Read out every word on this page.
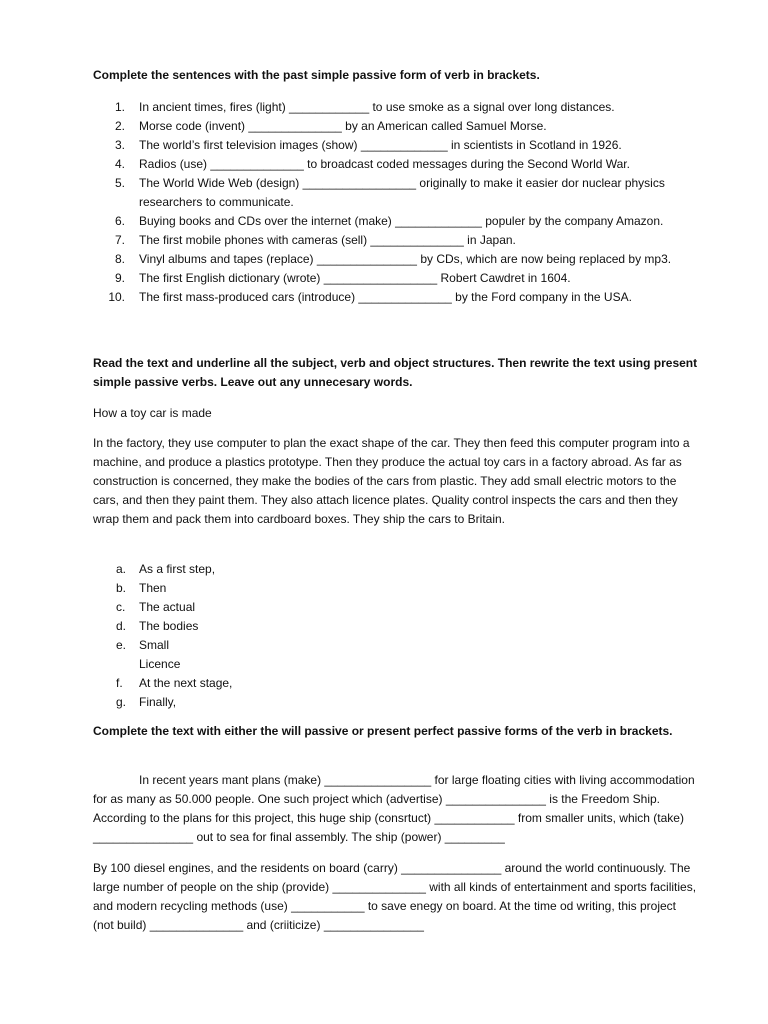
Complete the sentences with the past simple passive form of verb in brackets.

1. In ancient times, fires (light) ____________ to use smoke as a signal over long distances.
2. Morse code (invent) ______________ by an American called Samuel Morse.
3. The world’s first television images (show) _____________ in scientists in Scotland in 1926.
4. Radios (use) ______________ to broadcast coded messages during the Second World War.
5. The World Wide Web (design) _________________ originally to make it easier dor nuclear physics researchers to communicate.
6. Buying books and CDs over the internet (make) _____________ populer by the company Amazon.
7. The first mobile phones with cameras (sell) ______________ in Japan.
8. Vinyl albums and tapes (replace) _______________ by CDs, which are now being replaced by mp3.
9. The first English dictionary (wrote) _________________ Robert Cawdret in 1604.
10. The first mass-produced cars (introduce) ______________ by the Ford company in the USA.

Read the text and underline all the subject, verb and object structures. Then rewrite the text using present simple passive verbs. Leave out any unnecesary words.

How a toy car is made

In the factory, they use computer to plan the exact shape of the car. They then feed this computer program into a machine, and produce a plastics prototype. Then they produce the actual toy cars in a factory abroad. As far as construction is concerned, they make the bodies of the cars from plastic. They add small electric motors to the cars, and then they paint them. They also attach licence plates. Quality control inspects the cars and then they wrap them and pack them into cardboard boxes. They ship the cars to Britain.

a. As a first step,
b. Then
c. The actual
d. The bodies
e. Small
Licence
f. At the next stage,
g. Finally,

Complete the text with either the will passive or present perfect passive forms of the verb in brackets.

In recent years mant plans (make) ________________ for large floating cities with living accommodation for as many as 50.000 people. One such project which (advertise) _______________ is the Freedom Ship. According to the plans for this project, this huge ship (consrtuct) ____________ from smaller units, which (take) _______________ out to sea for final assembly. The ship (power) _________

By 100 diesel engines, and the residents on board (carry) _______________ around the world continuously. The large number of people on the ship (provide) ______________ with all kinds of entertainment and sports facilities, and modern recycling methods (use) ___________ to save enegy on board. At the time od writing, this project (not build) ______________ and (criiticize) _______________
